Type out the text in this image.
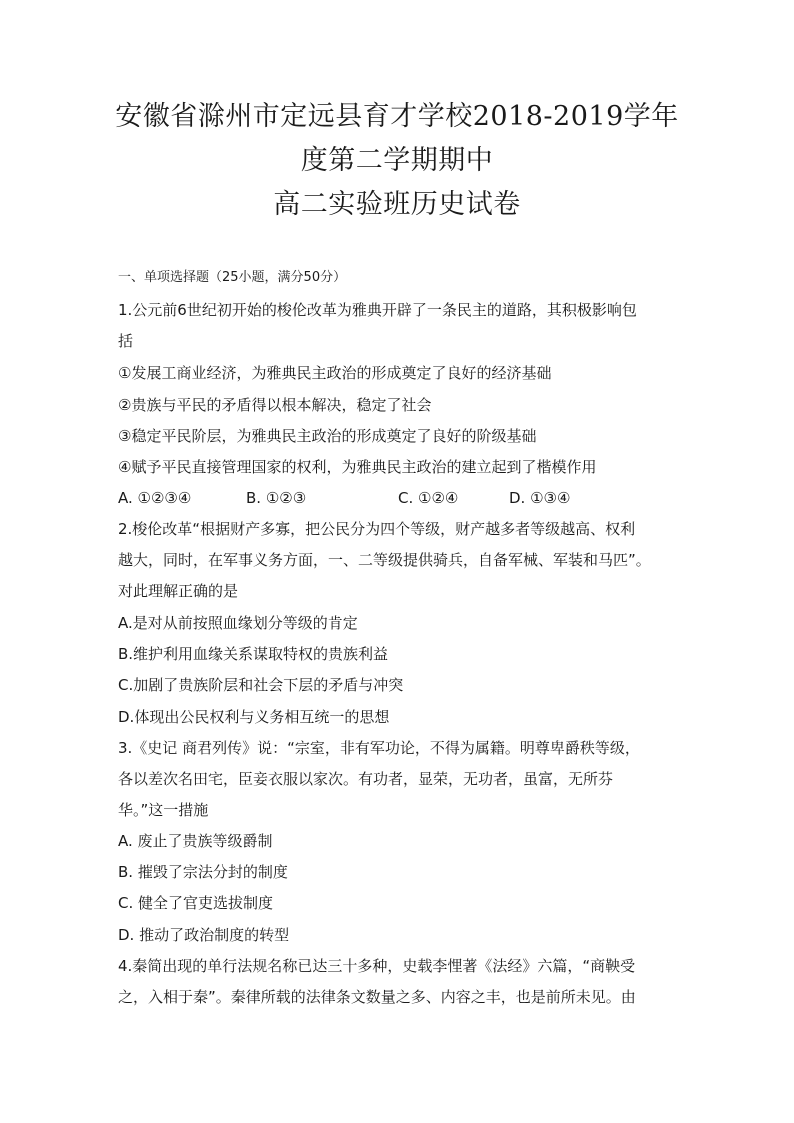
安徽省滁州市定远县育才学校2018-2019学年
度第二学期期中
高二实验班历史试卷
一、单项选择题（25小题，满分50分）
1.公元前6世纪初开始的梭伦改革为雅典开辟了一条民主的道路，其积极影响包
括
①发展工商业经济，为雅典民主政治的形成奠定了良好的经济基础
②贵族与平民的矛盾得以根本解决，稳定了社会
③稳定平民阶层，为雅典民主政治的形成奠定了良好的阶级基础
④赋予平民直接管理国家的权利，为雅典民主政治的建立起到了楷模作用
A. ①②③④	B. ①②③	C. ①②④	D. ①③④
2.梭伦改革“根据财产多寡，把公民分为四个等级，财产越多者等级越高、权利
越大，同时，在军事义务方面，一、二等级提供骑兵，自备军械、军装和马匹”。
对此理解正确的是
A.是对从前按照血缘划分等级的肯定
B.维护利用血缘关系谋取特权的贵族利益
C.加剧了贵族阶层和社会下层的矛盾与冲突
D.体现出公民权利与义务相互统一的思想
3.《史记 商君列传》说：“宗室，非有军功论，不得为属籍。明尊卑爵秩等级，
各以差次名田宅，臣妾衣服以家次。有功者，显荣，无功者，虽富，无所芬
华。”这一措施
A. 废止了贵族等级爵制
B. 摧毁了宗法分封的制度
C. 健全了官吏选拔制度
D. 推动了政治制度的转型
4.秦简出现的单行法规名称已达三十多种，史载李悝著《法经》六篇，“商鞅受
之，入相于秦”。秦律所载的法律条文数量之多、内容之丰，也是前所未见。由
